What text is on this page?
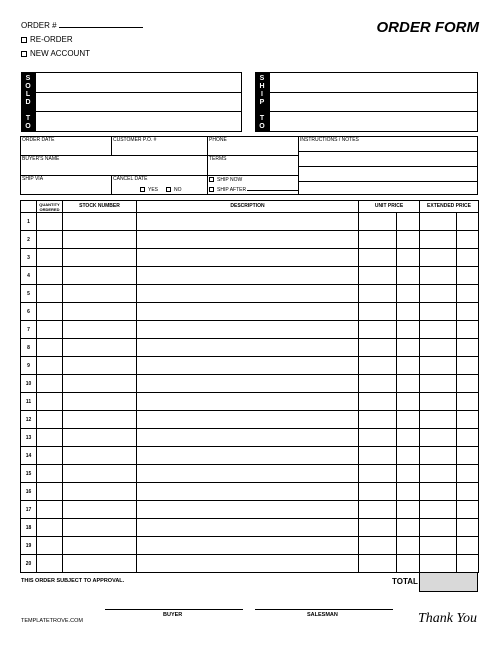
ORDER #
RE-ORDER
NEW ACCOUNT
ORDER FORM
S
O
L
D
T
O
S
H
I
P
T
O
ORDER DATE	CUSTOMER P.O. #	PHONE	INSTRUCTIONS / NOTES
BUYER'S NAME	TERMS
SHIP VIA	CANCEL DATE
YES	NO
SHIP NOW
SHIP AFTER
	QUANTITY ORDERED	STOCK NUMBER	DESCRIPTION	UNIT PRICE		EXTENDED PRICE	
1							
2							
3							
4							
5							
6							
7							
8							
9							
10							
11							
12							
13							
14							
15							
16							
17							
18							
19							
20							
THIS ORDER SUBJECT TO APPROVAL.	TOTAL
BUYER	SALESMAN
TEMPLATETROVE.COM	Thank You
